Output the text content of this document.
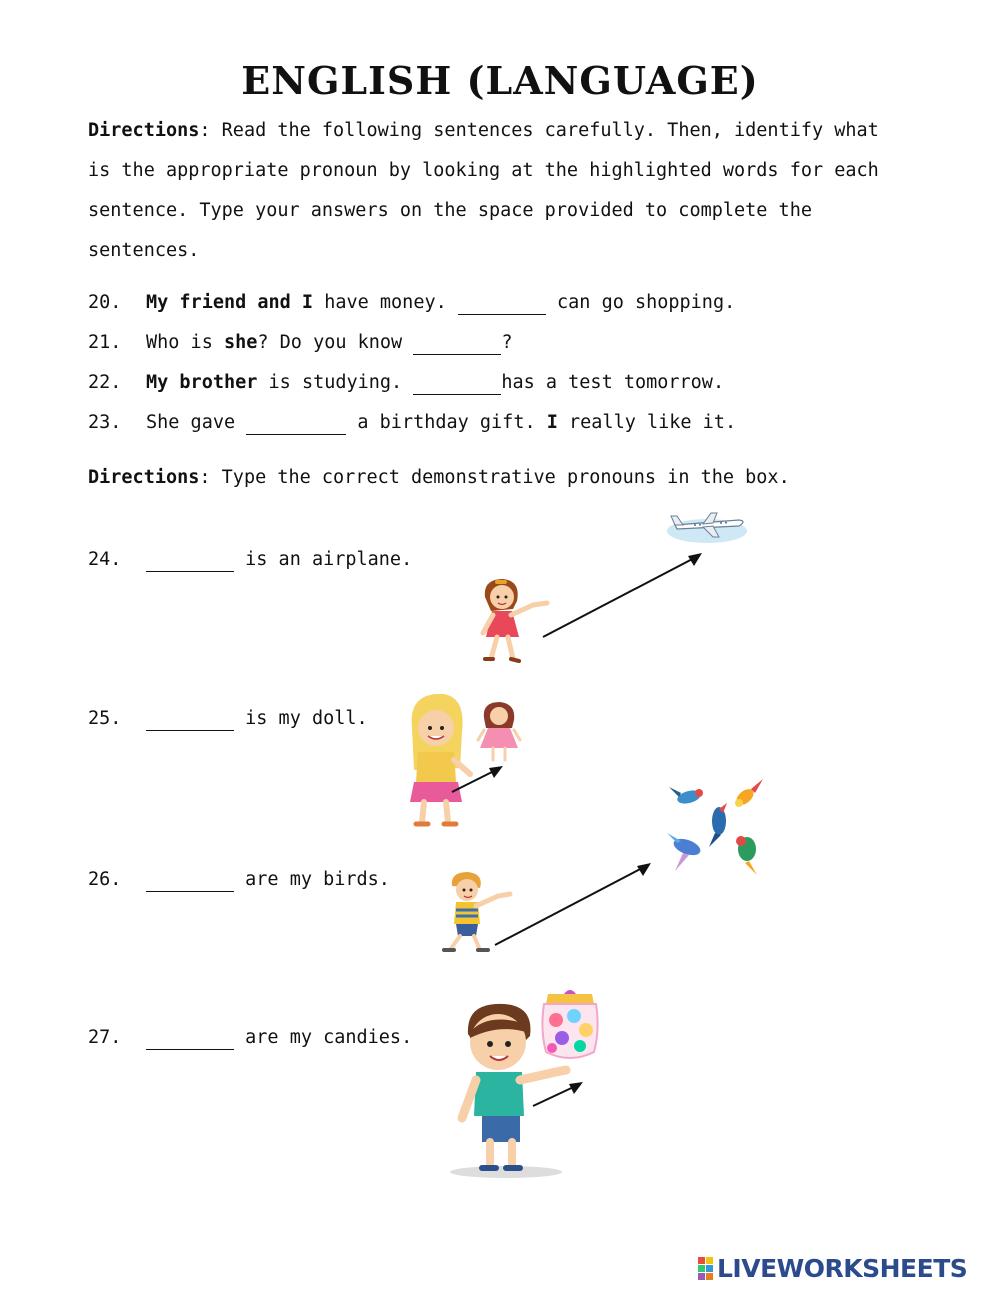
ENGLISH (LANGUAGE)
Directions: Read the following sentences carefully. Then, identify what is the appropriate pronoun by looking at the highlighted words for each sentence. Type your answers on the space provided to complete the sentences.
20. My friend and I have money.	can go shopping.
21. Who is she? Do you know	?
22. My brother is studying.	has a test tomorrow.
23. She gave	a birthday gift. I really like it.
Directions: Type the correct demonstrative pronouns in the box.
24.	is an airplane.
25.	is my doll.
26.	are my birds.
27.	are my candies.
LIVEWORKSHEETS
